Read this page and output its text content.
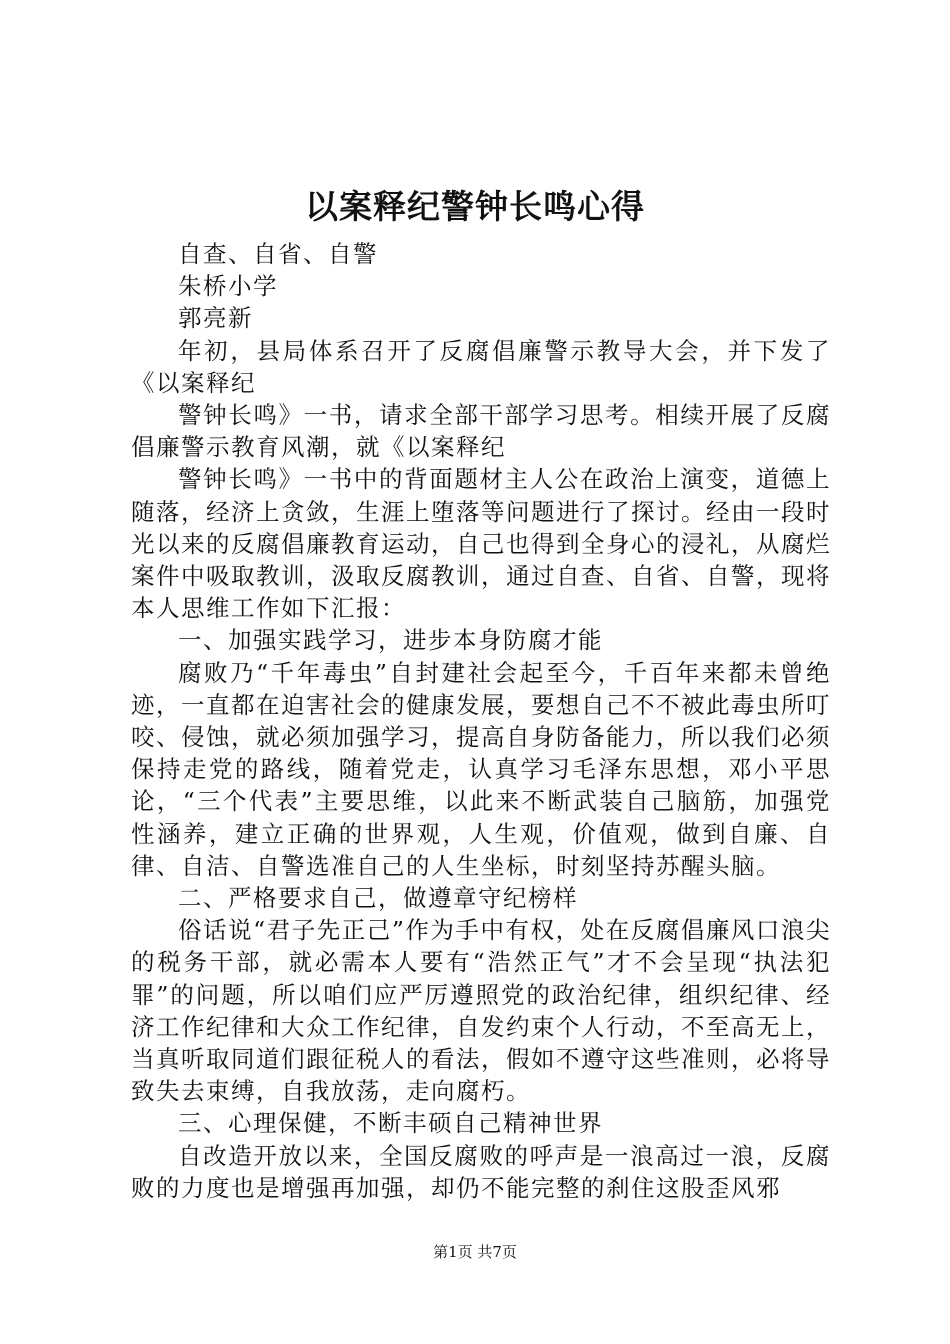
以案释纪警钟长鸣心得

自查、自省、自警

朱桥小学

郭亮新

年初，县局体系召开了反腐倡廉警示教导大会，并下发了《以案释纪

警钟长鸣》一书，请求全部干部学习思考。相续开展了反腐倡廉警示教育风潮，就《以案释纪

警钟长鸣》一书中的背面题材主人公在政治上演变，道德上随落，经济上贪敛，生涯上堕落等问题进行了探讨。经由一段时光以来的反腐倡廉教育运动，自己也得到全身心的浸礼，从腐烂案件中吸取教训，汲取反腐教训，通过自查、自省、自警，现将本人思维工作如下汇报：

一、加强实践学习，进步本身防腐才能

腐败乃“千年毒虫”自封建社会起至今，千百年来都未曾绝迹，一直都在迫害社会的健康发展，要想自己不不被此毒虫所叮咬、侵蚀，就必须加强学习，提高自身防备能力，所以我们必须保持走党的路线，随着党走，认真学习毛泽东思想，邓小平思论，“三个代表”主要思维，以此来不断武装自己脑筋，加强党性涵养，建立正确的世界观，人生观，价值观，做到自廉、自律、自洁、自警选准自己的人生坐标，时刻坚持苏醒头脑。

二、严格要求自己，做遵章守纪榜样

俗话说“君子先正己”作为手中有权，处在反腐倡廉风口浪尖的税务干部，就必需本人要有“浩然正气”才不会呈现“执法犯罪”的问题，所以咱们应严厉遵照党的政治纪律，组织纪律、经济工作纪律和大众工作纪律，自发约束个人行动，不至高无上，当真听取同道们跟征税人的看法，假如不遵守这些准则，必将导致失去束缚，自我放荡，走向腐朽。

三、心理保健，不断丰硕自己精神世界

自改造开放以来，全国反腐败的呼声是一浪高过一浪，反腐败的力度也是增强再加强，却仍不能完整的刹住这股歪风邪

第1页 共7页
